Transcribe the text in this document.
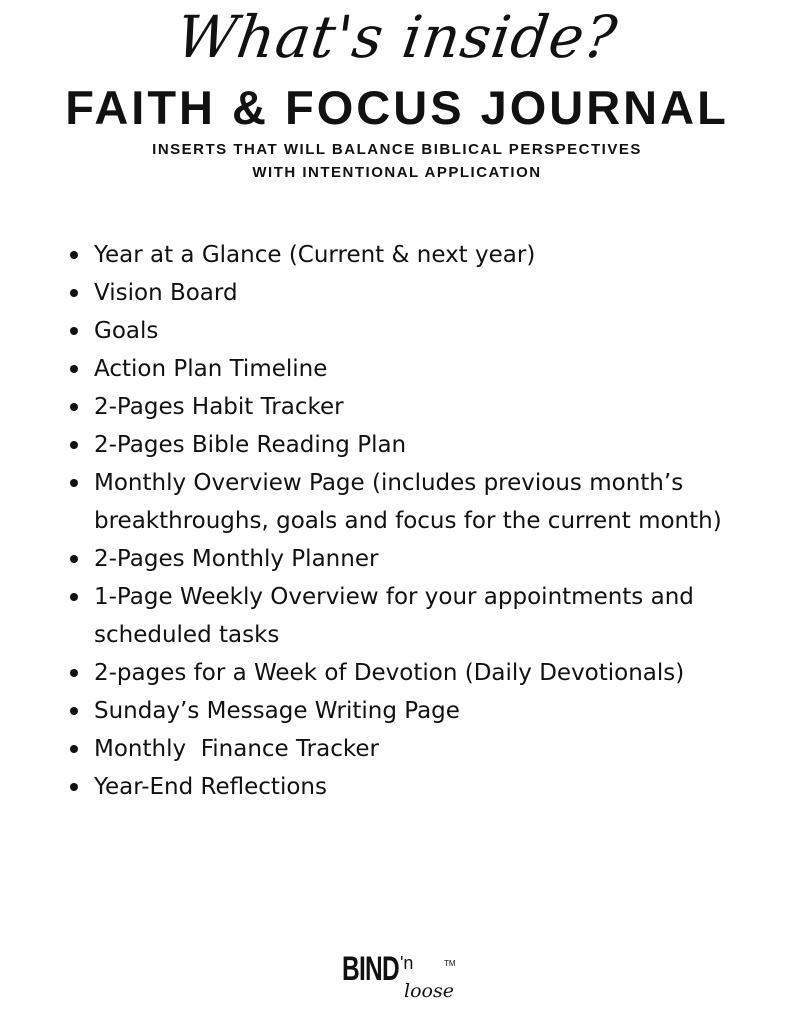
What's inside?
FAITH & FOCUS JOURNAL
INSERTS THAT WILL BALANCE BIBLICAL PERSPECTIVES
WITH INTENTIONAL APPLICATION
Year at a Glance (Current & next year)
Vision Board
Goals
Action Plan Timeline
2-Pages Habit Tracker
2-Pages Bible Reading Plan
Monthly Overview Page (includes previous month’s breakthroughs, goals and focus for the current month)
2-Pages Monthly Planner
1-Page Weekly Overview for your appointments and scheduled tasks
2-pages for a Week of Devotion (Daily Devotionals)
Sunday’s Message Writing Page
Monthly  Finance Tracker
Year-End Reflections
BIND 'n
loose
TM
